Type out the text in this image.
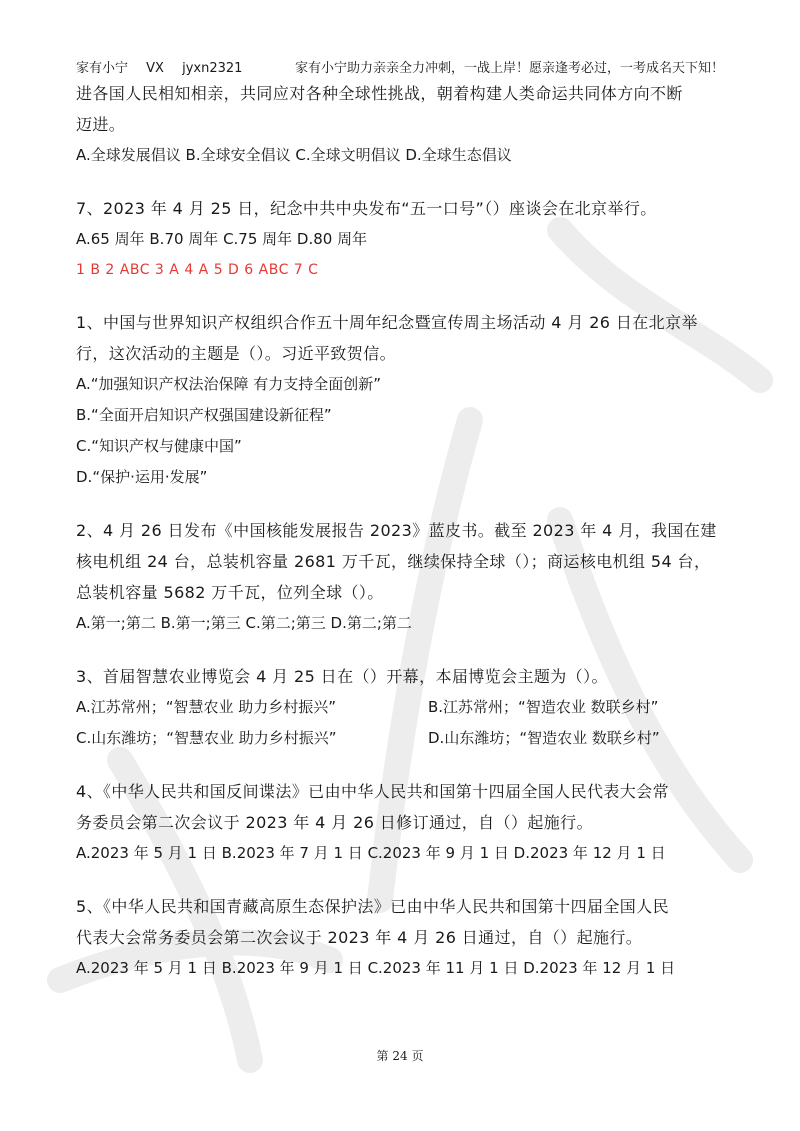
家有小宁 VX jyxn2321	家有小宁助力亲亲全力冲刺，一战上岸！愿亲逢考必过，一考成名天下知！
进各国人民相知相亲，共同应对各种全球性挑战，朝着构建人类命运共同体方向不断
迈进。
A.全球发展倡议 B.全球安全倡议 C.全球文明倡议 D.全球生态倡议
7、2023 年 4 月 25 日，纪念中共中央发布“五一口号”（）座谈会在北京举行。
A.65 周年 B.70 周年 C.75 周年 D.80 周年
1 B 2 ABC 3 A 4 A 5 D 6 ABC 7 C
1、中国与世界知识产权组织合作五十周年纪念暨宣传周主场活动 4 月 26 日在北京举
行，这次活动的主题是（）。习近平致贺信。
A.“加强知识产权法治保障 有力支持全面创新”
B.“全面开启知识产权强国建设新征程”
C.“知识产权与健康中国”
D.“保护·运用·发展”
2、4 月 26 日发布《中国核能发展报告 2023》蓝皮书。截至 2023 年 4 月，我国在建
核电机组 24 台，总装机容量 2681 万千瓦，继续保持全球（）；商运核电机组 54 台，
总装机容量 5682 万千瓦，位列全球（）。
A.第一;第二 B.第一;第三 C.第二;第三 D.第二;第二
3、首届智慧农业博览会 4 月 25 日在（）开幕，本届博览会主题为（）。
A.江苏常州；“智慧农业 助力乡村振兴”	B.江苏常州；“智造农业 数联乡村”
C.山东潍坊；“智慧农业 助力乡村振兴”	D.山东潍坊；“智造农业 数联乡村”
4、《中华人民共和国反间谍法》已由中华人民共和国第十四届全国人民代表大会常
务委员会第二次会议于 2023 年 4 月 26 日修订通过，自（）起施行。
A.2023 年 5 月 1 日 B.2023 年 7 月 1 日 C.2023 年 9 月 1 日 D.2023 年 12 月 1 日
5、《中华人民共和国青藏高原生态保护法》已由中华人民共和国第十四届全国人民
代表大会常务委员会第二次会议于 2023 年 4 月 26 日通过，自（）起施行。
A.2023 年 5 月 1 日 B.2023 年 9 月 1 日 C.2023 年 11 月 1 日 D.2023 年 12 月 1 日
第 24 页
